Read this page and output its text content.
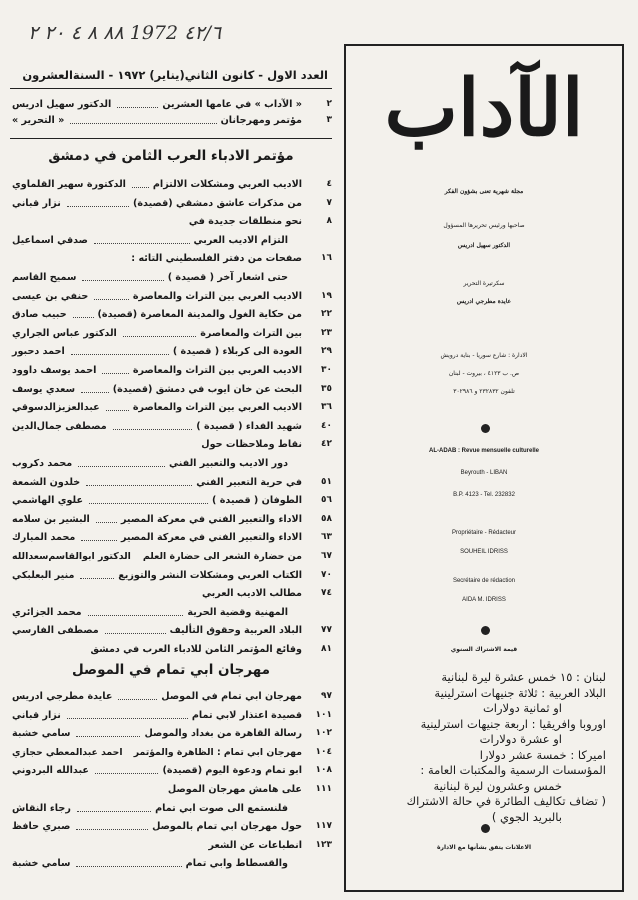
٨٨ ٨ ٤ ٢٠ ٢ 1972 ٤٢/٦
العدد الاول - كانون الثاني(يناير) ١٩٧٢ - السنةالعشرون
٢
« الآداب » في عامها العشرين
الدكتور سهيل ادريس
٣
مؤتمر ومهرجانان
« التحرير »
مؤتمر الادباء العرب الثامن في دمشق
٤
الاديب العربي ومشكلات الالتزام
الدكتورة سهير القلماوي
٧
من مذكرات عاشق دمشقي (قصيدة)
نزار قباني
٨
نحو منطلقات جديدة في
التزام الاديب العربي
صدقي اسماعيل
١٦
صفحات من دفتر الفلسطيني التائه :
حتى اشعار آخر ( قصيدة )
سميح القاسم
١٩
الاديب العربي بين التراث والمعاصرة
حنفي بن عيسى
٢٢
من حكاية الغول والمدينة المعاصرة (قصيدة)
حبيب صادق
٢٣
بين التراث والمعاصرة
الدكتور عباس الجراري
٢٩
العودة الى كربلاء ( قصيدة )
احمد دحبور
٣٠
الاديب العربي بين التراث والمعاصرة
احمد يوسف داوود
٣٥
البحث عن خان ايوب في دمشق (قصيدة)
سعدي يوسف
٣٦
الاديب العربي بين التراث والمعاصرة
عبدالعزيزالدسوقي
٤٠
شهيد الفداء ( قصيدة )
مصطفى جمال‌الدين
٤٢
نقاط وملاحظات حول
دور الاديب والتعبير الفني
محمد دكروب
٥١
في حرية التعبير الفني
خلدون الشمعة
٥٦
الطوفان ( قصيدة )
علوي الهاشمي
٥٨
الاداء والتعبير الفني في معركة المصير
البشير بن سلامه
٦٣
الاداء والتعبير الفني في معركة المصير
محمد المبارك
٦٧
من حضارة الشعر الى حضارة العلم
الدكتور ابوالقاسم‌سعدالله
٧٠
الكتاب العربي ومشكلات النشر والتوزيع
منير البعلبكي
٧٤
مطالب الاديب العربي
المهنية وقضية الحرية
محمد الجزائري
٧٧
البلاد العربية وحقوق التأليف
مصطفى الفارسي
٨١
وقائع المؤتمر الثامن للادباء العرب في دمشق
مهرجان ابي تمام في الموصل
٩٧
مهرجان ابي تمام في الموصل
عايدة مطرجي ادريس
١٠١
قصيدة اعتذار لابي تمام
نزار قباني
١٠٢
رسالة القاهرة من بغداد والموصل
سامي خشبة
١٠٤
مهرجان ابي تمام : الظاهرة والمؤتمر
احمد عبدالمعطي حجازي
١٠٨
ابو تمام ودعوة اليوم (قصيدة)
عبدالله البردوني
١١١
على هامش مهرجان الموصل
فلنستمع الى صوت ابي تمام
رجاء النقاش
١١٧
حول مهرجان ابي تمام بالموصل
صبري حافظ
١٢٣
انطباعات عن الشعر
والقسطاط وابي تمام
سامي خشبة
الآداب
مجلة شهرية تعنى بشؤون الفكر
صاحبها ورئيس تحريرها المسؤول
الدكتور سهيل ادريس
سكرتيرة التحرير
عايدة مطرجي ادريس
الادارة : شارع سوريا - بناية درويش
ص. ب ٤١٢٣ ، بيروت - لبنان
تلفون ٢٣٢٨٣٢ و ٣٠٢٩٨٦
AL-ADAB : Revue mensuelle culturelle
Beyrouth - LIBAN
B.P. 4123 - Tel. 232832
Propriétaire - Rédacteur
SOUHEIL IDRISS
Secrétaire de rédaction
AIDA M. IDRISS
قيمة الاشتراك السنوي
لبنان : ١٥ خمس عشرة ليرة لبنانية
البلاد العربية : ثلاثة جنيهات استرلينية
او ثمانية دولارات
اوروبا وافريقيا : اربعة جنيهات استرلينية
او عشرة دولارات
اميركا : خمسة عشر دولارا
المؤسسات الرسمية والمكتبات العامة :
خمس وعشرون ليرة لبنانية
( تضاف تكاليف الطائرة في حالة الاشتراك
بالبريد الجوي )
الاعلانات يتفق بشأنها مع الادارة
